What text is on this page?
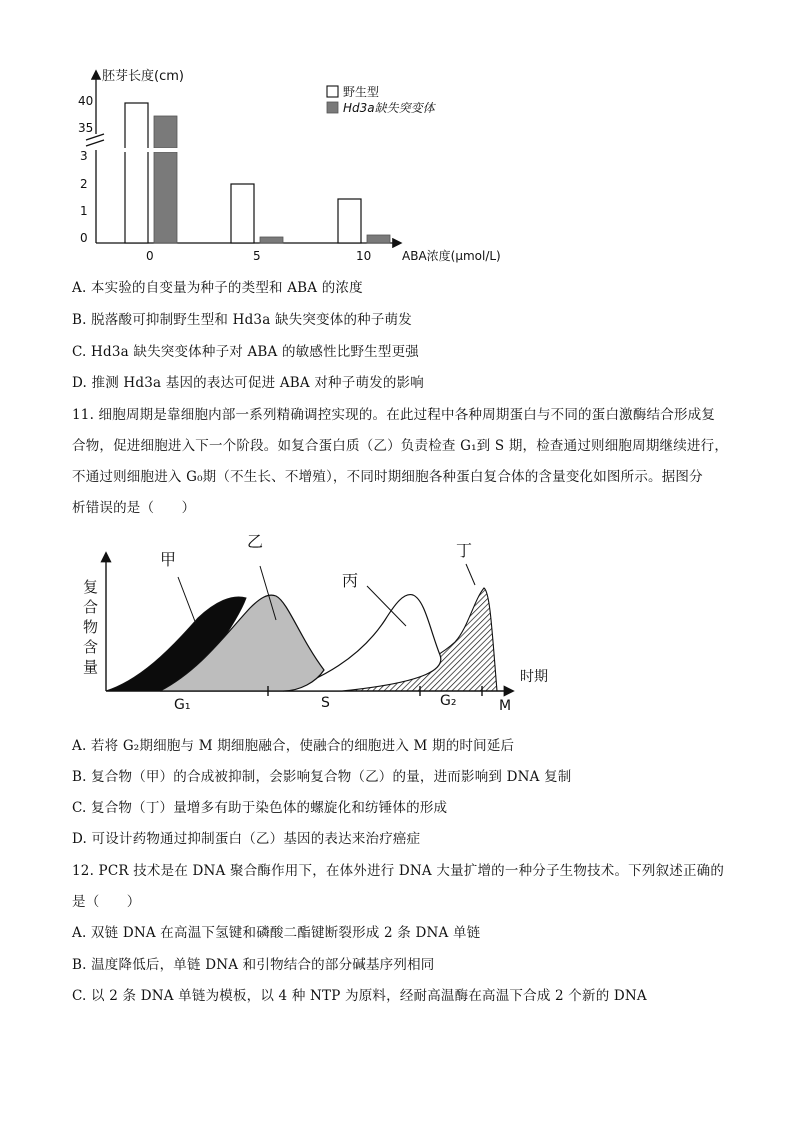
胚芽长度(cm)
40
35
3
2
1
0
0	5	10	ABA浓度(μmol/L)
野生型
Hd3a缺失突变体
A. 本实验的自变量为种子的类型和 ABA 的浓度
B. 脱落酸可抑制野生型和 Hd3a 缺失突变体的种子萌发
C. Hd3a 缺失突变体种子对 ABA 的敏感性比野生型更强
D. 推测 Hd3a 基因的表达可促进 ABA 对种子萌发的影响
11. 细胞周期是靠细胞内部一系列精确调控实现的。在此过程中各种周期蛋白与不同的蛋白激酶结合形成复
合物，促进细胞进入下一个阶段。如复合蛋白质（乙）负责检查 G₁到 S 期，检查通过则细胞周期继续进行，
不通过则细胞进入 G₀期（不生长、不增殖），不同时期细胞各种蛋白复合体的含量变化如图所示。据图分
析错误的是（　　）
复
合
物
含
量
时期
甲
乙
丙
丁
G₁	S	G₂	M
A. 若将 G₂期细胞与 M 期细胞融合，使融合的细胞进入 M 期的时间延后
B. 复合物（甲）的合成被抑制，会影响复合物（乙）的量，进而影响到 DNA 复制
C. 复合物（丁）量增多有助于染色体的螺旋化和纺锤体的形成
D. 可设计药物通过抑制蛋白（乙）基因的表达来治疗癌症
12. PCR 技术是在 DNA 聚合酶作用下，在体外进行 DNA 大量扩增的一种分子生物技术。下列叙述正确的
是（　　）
A. 双链 DNA 在高温下氢键和磷酸二酯键断裂形成 2 条 DNA 单链
B. 温度降低后，单链 DNA 和引物结合的部分碱基序列相同
C. 以 2 条 DNA 单链为模板，以 4 种 NTP 为原料，经耐高温酶在高温下合成 2 个新的 DNA
